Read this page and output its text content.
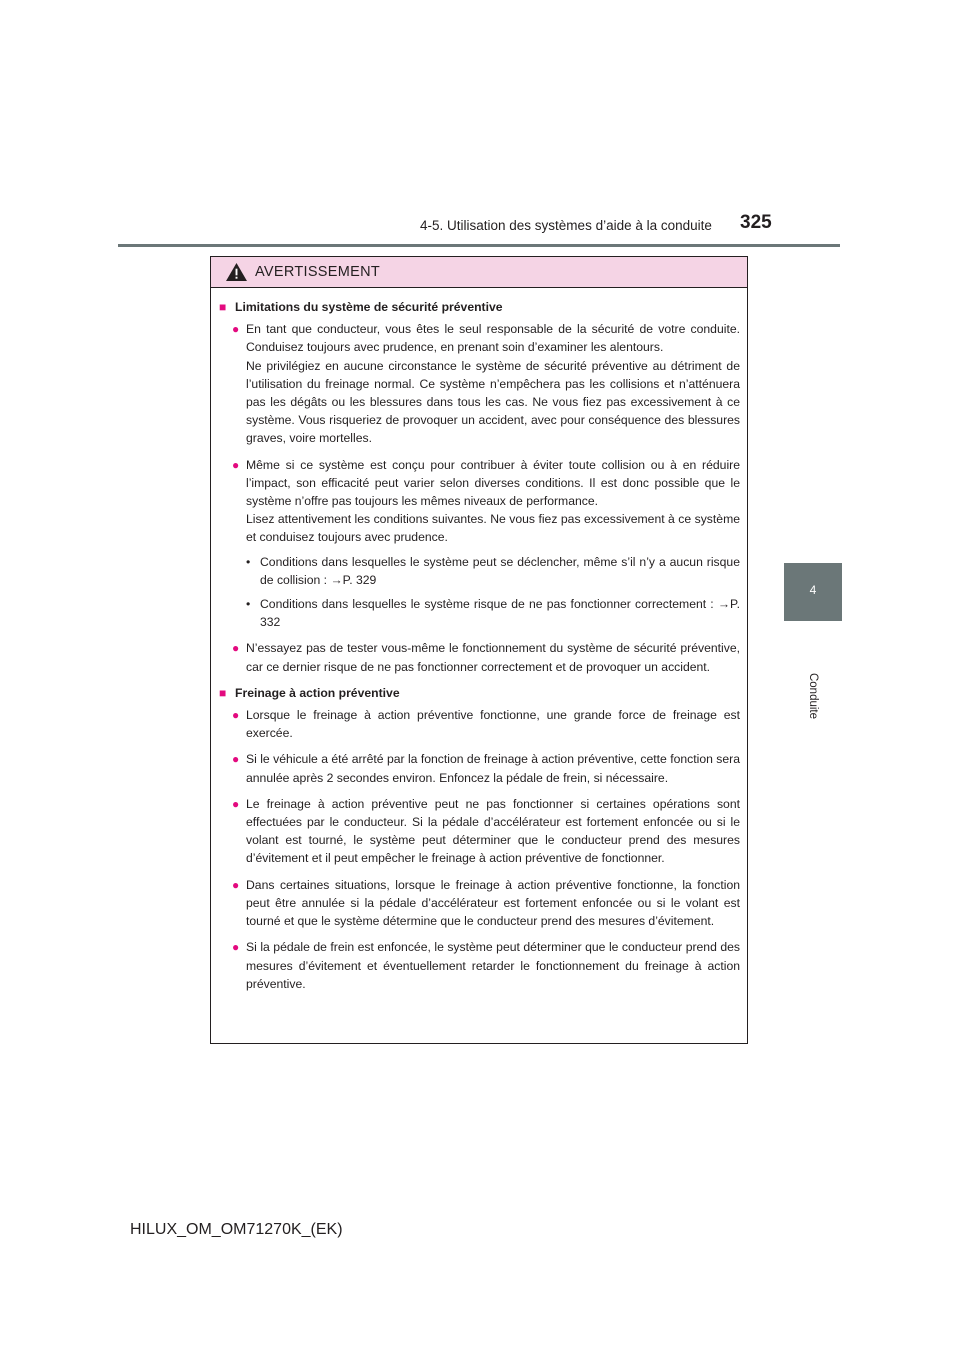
4-5. Utilisation des systèmes d’aide à la conduite 325
4
Conduite
AVERTISSEMENT
■ Limitations du système de sécurité préventive
● En tant que conducteur, vous êtes le seul responsable de la sécurité de votre conduite. Conduisez toujours avec prudence, en prenant soin d’examiner les alentours.

Ne privilégiez en aucune circonstance le système de sécurité préventive au détriment de l’utilisation du freinage normal. Ce système n’empêchera pas les collisions et n’atténuera pas les dégâts ou les blessures dans tous les cas. Ne vous fiez pas excessivement à ce système. Vous risqueriez de provoquer un accident, avec pour conséquence des blessures graves, voire mortelles.

● Même si ce système est conçu pour contribuer à éviter toute collision ou à en réduire l’impact, son efficacité peut varier selon diverses conditions. Il est donc possible que le système n’offre pas toujours les mêmes niveaux de performance.

Lisez attentivement les conditions suivantes. Ne vous fiez pas excessivement à ce système et conduisez toujours avec prudence.

• Conditions dans lesquelles le système peut se déclencher, même s’il n’y a aucun risque de collision : →P. 329
• Conditions dans lesquelles le système risque de ne pas fonctionner correctement : →P. 332
● N’essayez pas de tester vous-même le fonctionnement du système de sécurité préventive, car ce dernier risque de ne pas fonctionner correctement et de provoquer un accident.

■ Freinage à action préventive
● Lorsque le freinage à action préventive fonctionne, une grande force de freinage est exercée.

● Si le véhicule a été arrêté par la fonction de freinage à action préventive, cette fonction sera annulée après 2 secondes environ. Enfoncez la pédale de frein, si nécessaire.

● Le freinage à action préventive peut ne pas fonctionner si certaines opérations sont effectuées par le conducteur. Si la pédale d’accélérateur est fortement enfoncée ou si le volant est tourné, le système peut déterminer que le conducteur prend des mesures d’évitement et il peut empêcher le freinage à action préventive de fonctionner.

● Dans certaines situations, lorsque le freinage à action préventive fonctionne, la fonction peut être annulée si la pédale d’accélérateur est fortement enfoncée ou si le volant est tourné et que le système détermine que le conducteur prend des mesures d’évitement.

● Si la pédale de frein est enfoncée, le système peut déterminer que le conducteur prend des mesures d’évitement et éventuellement retarder le fonctionnement du freinage à action préventive.

HILUX_OM_OM71270K_(EK)
